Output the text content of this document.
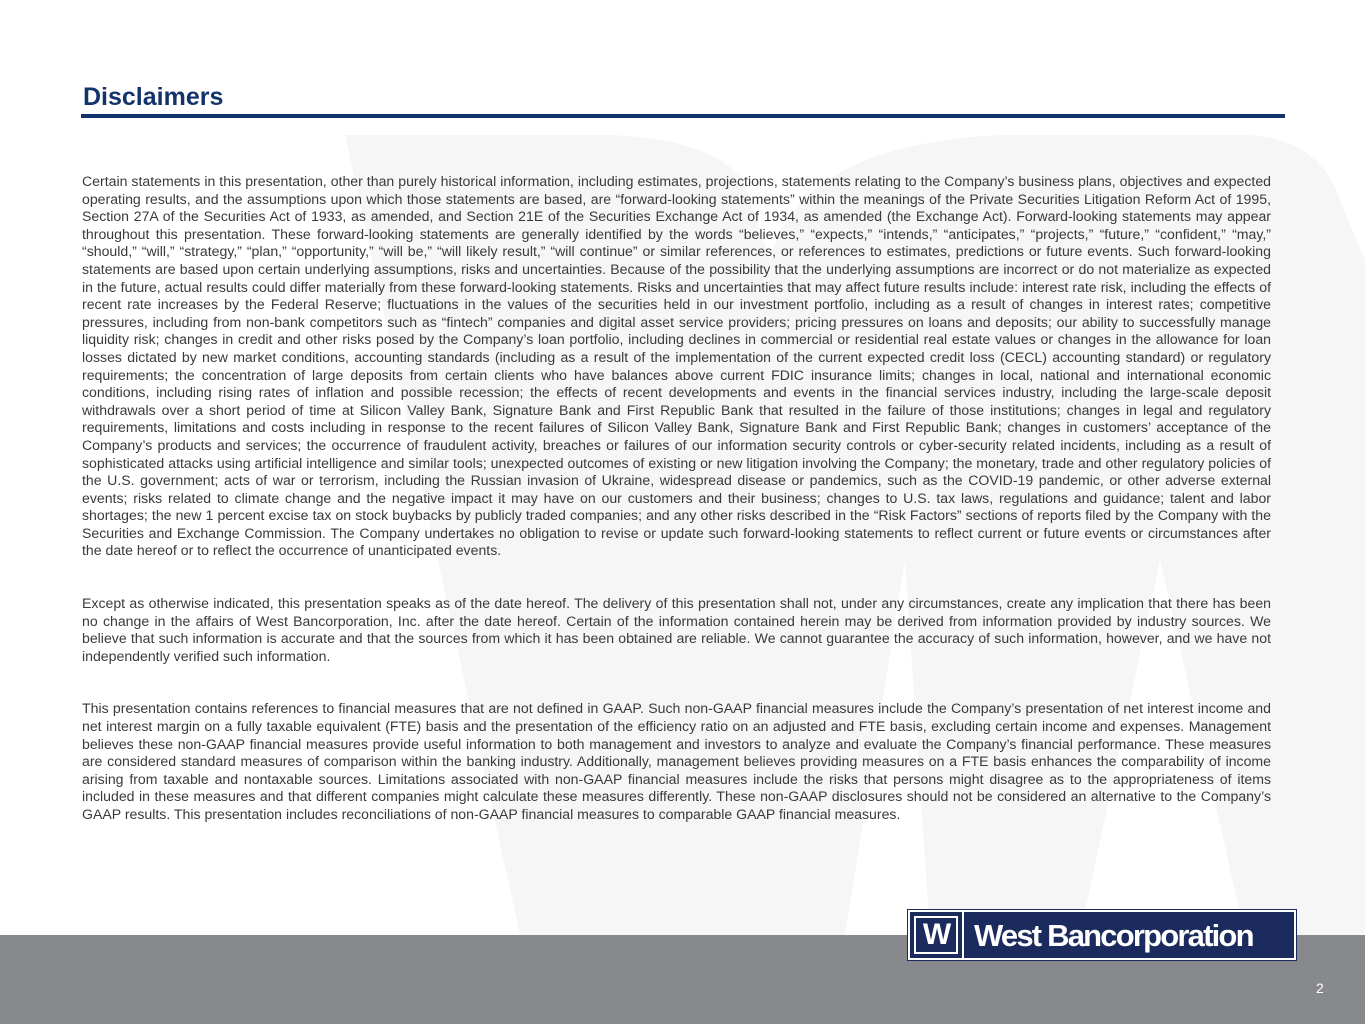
Disclaimers

Certain statements in this presentation, other than purely historical information, including estimates, projections, statements relating to the Company’s business plans, objectives and expected operating results, and the assumptions upon which those statements are based, are “forward-looking statements” within the meanings of the Private Securities Litigation Reform Act of 1995, Section 27A of the Securities Act of 1933, as amended, and Section 21E of the Securities Exchange Act of 1934, as amended (the Exchange Act). Forward-looking statements may appear throughout this presentation. These forward-looking statements are generally identified by the words “believes,” “expects,” “intends,” “anticipates,” “projects,” “future,” “confident,” “may,” “should,” “will,” “strategy,” “plan,” “opportunity,” “will be,” “will likely result,” “will continue” or similar references, or references to estimates, predictions or future events. Such forward-looking statements are based upon certain underlying assumptions, risks and uncertainties. Because of the possibility that the underlying assumptions are incorrect or do not materialize as expected in the future, actual results could differ materially from these forward-looking statements. Risks and uncertainties that may affect future results include: interest rate risk, including the effects of recent rate increases by the Federal Reserve; fluctuations in the values of the securities held in our investment portfolio, including as a result of changes in interest rates; competitive pressures, including from non-bank competitors such as “fintech” companies and digital asset service providers; pricing pressures on loans and deposits; our ability to successfully manage liquidity risk; changes in credit and other risks posed by the Company’s loan portfolio, including declines in commercial or residential real estate values or changes in the allowance for loan losses dictated by new market conditions, accounting standards (including as a result of the implementation of the current expected credit loss (CECL) accounting standard) or regulatory requirements; the concentration of large deposits from certain clients who have balances above current FDIC insurance limits; changes in local, national and international economic conditions, including rising rates of inflation and possible recession; the effects of recent developments and events in the financial services industry, including the large-scale deposit withdrawals over a short period of time at Silicon Valley Bank, Signature Bank and First Republic Bank that resulted in the failure of those institutions; changes in legal and regulatory requirements, limitations and costs including in response to the recent failures of Silicon Valley Bank, Signature Bank and First Republic Bank; changes in customers’ acceptance of the Company’s products and services; the occurrence of fraudulent activity, breaches or failures of our information security controls or cyber-security related incidents, including as a result of sophisticated attacks using artificial intelligence and similar tools; unexpected outcomes of existing or new litigation involving the Company; the monetary, trade and other regulatory policies of the U.S. government; acts of war or terrorism, including the Russian invasion of Ukraine, widespread disease or pandemics, such as the COVID-19 pandemic, or other adverse external events; risks related to climate change and the negative impact it may have on our customers and their business; changes to U.S. tax laws, regulations and guidance; talent and labor shortages; the new 1 percent excise tax on stock buybacks by publicly traded companies; and any other risks described in the “Risk Factors” sections of reports filed by the Company with the Securities and Exchange Commission. The Company undertakes no obligation to revise or update such forward-looking statements to reflect current or future events or circumstances after the date hereof or to reflect the occurrence of unanticipated events.

Except as otherwise indicated, this presentation speaks as of the date hereof. The delivery of this presentation shall not, under any circumstances, create any implication that there has been no change in the affairs of West Bancorporation, Inc. after the date hereof. Certain of the information contained herein may be derived from information provided by industry sources. We believe that such information is accurate and that the sources from which it has been obtained are reliable. We cannot guarantee the accuracy of such information, however, and we have not independently verified such information.

This presentation contains references to financial measures that are not defined in GAAP. Such non-GAAP financial measures include the Company’s presentation of net interest income and net interest margin on a fully taxable equivalent (FTE) basis and the presentation of the efficiency ratio on an adjusted and FTE basis, excluding certain income and expenses. Management believes these non-GAAP financial measures provide useful information to both management and investors to analyze and evaluate the Company’s financial performance. These measures are considered standard measures of comparison within the banking industry. Additionally, management believes providing measures on a FTE basis enhances the comparability of income arising from taxable and nontaxable sources. Limitations associated with non-GAAP financial measures include the risks that persons might disagree as to the appropriateness of items included in these measures and that different companies might calculate these measures differently. These non-GAAP disclosures should not be considered an alternative to the Company’s GAAP results. This presentation includes reconciliations of non-GAAP financial measures to comparable GAAP financial measures.

W West Bancorporation
2
